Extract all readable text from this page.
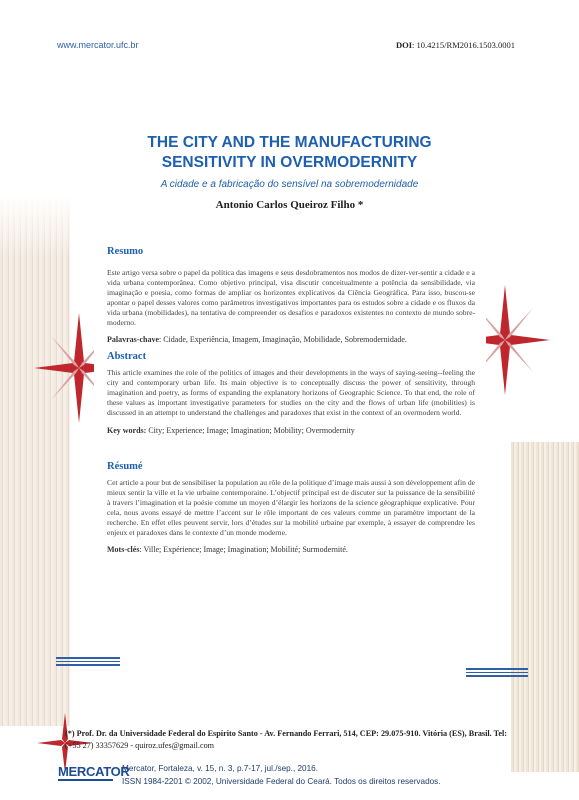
www.mercator.ufc.br	DOI: 10.4215/RM2016.1503.0001
THE CITY AND THE MANUFACTURING
SENSITIVITY IN OVERMODERNITY
A cidade e a fabricação do sensível na sobremodernidade
Antonio Carlos Queiroz Filho *
Resumo
Este artigo versa sobre o papel da política das imagens e seus desdobramentos nos modos de dizer-ver-sentir a cidade e a vida urbana contemporânea. Como objetivo principal, visa discutir conceitualmente a potência da sensibilidade, via imaginação e poesia, como formas de ampliar os horizontes explicativos da Ciência Geográfica. Para isso, buscou-se apontar o papel desses valores como parâmetros investigativos importantes para os estudos sobre a cidade e os fluxos da vida urbana (mobilidades), na tentativa de compreender os desafios e paradoxos existentes no contexto de mundo sobre-moderno.
Palavras-chave: Cidade, Experiência, Imagem, Imaginação, Mobilidade, Sobremodernidade.
Abstract
This article examines the role of the politics of images and their developments in the ways of saying-seeing--feeling the city and contemporary urban life. Its main objective is to conceptually discuss the power of sensitivity, through imagination and poetry, as forms of expanding the explanatory horizons of Geographic Science. To that end, the role of these values as important investigative parameters for studies on the city and the flows of urban life (mobilities) is discussed in an attempt to understand the challenges and paradoxes that exist in the context of an overmodern world.
Key words: City; Experience; Image; Imagination; Mobility; Overmodernity
Résumé
Cet article a pour but de sensibiliser la population au rôle de la politique d’image mais aussi à son développement afin de mieux sentir la ville et la vie urbaine contemporaine. L’objectif principal est de discuter sur la puissance de la sensibilité à travers l’imagination et la poésie comme un moyen d’élargir les horizons de la science géographique explicative. Pour cela, nous avons essayé de mettre l’accent sur le rôle important de ces valeurs comme un paramètre important de la recherche. En effet elles peuvent servir, lors d’études sur la mobilité urbaine par exemple, à essayer de comprendre les enjeux et paradoxes dans le contexte d’un monde moderne.
Mots-clés: Ville; Expérience; Image; Imagination; Mobilité; Surmodernité.
(*) Prof. Dr. da Universidade Federal do Espírito Santo - Av. Fernando Ferrari, 514, CEP: 29.075-910. Vitória (ES), Brasil. Tel:
(+55 27) 33357629 - quiroz.ufes@gmail.com
MERCATOR
Mercator, Fortaleza, v. 15, n. 3, p.7-17, jul./sep., 2016.
ISSN 1984-2201 © 2002, Universidade Federal do Ceará. Todos os direitos reservados.
